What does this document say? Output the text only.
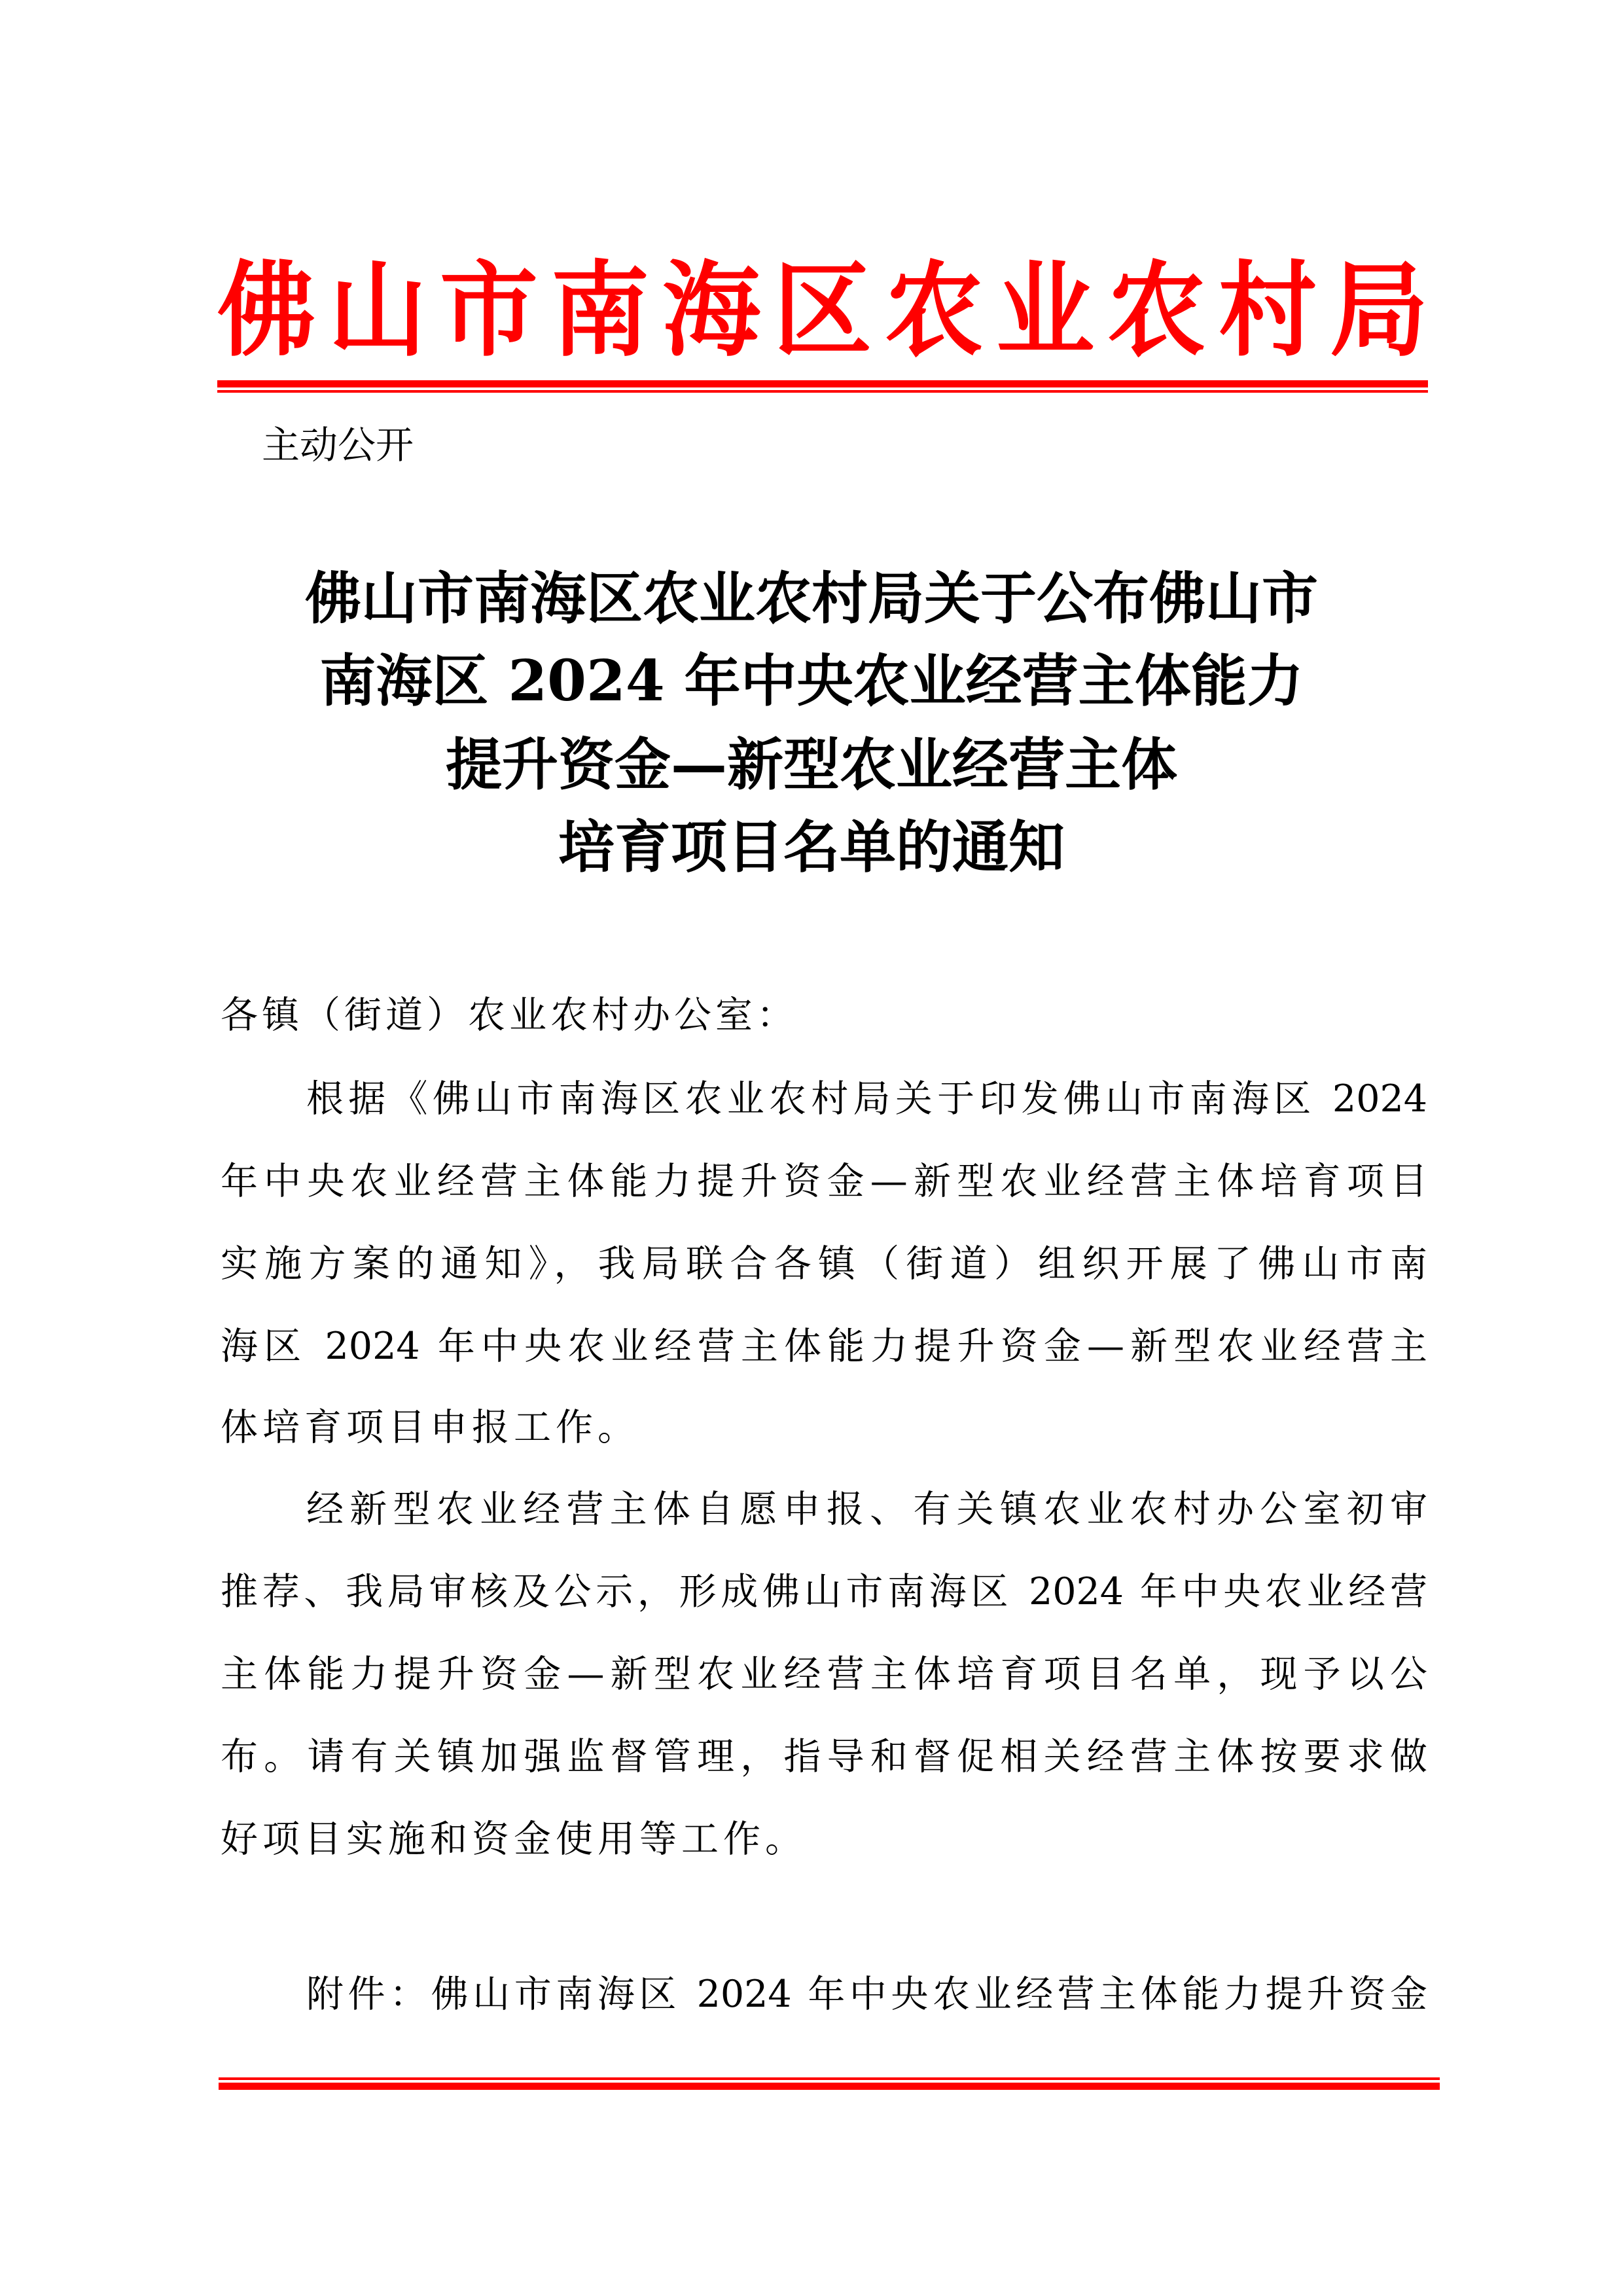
佛山市南海区农业农村局
主动公开
佛山市南海区农业农村局关于公布佛山市
南海区 2024 年中央农业经营主体能力
提升资金—新型农业经营主体
培育项目名单的通知
各镇（街道）农业农村办公室：
根据《佛山市南海区农业农村局关于印发佛山市南海区 2024
年中央农业经营主体能力提升资金—新型农业经营主体培育项目
实施方案的通知》，我局联合各镇（街道）组织开展了佛山市南
海区 2024 年中央农业经营主体能力提升资金—新型农业经营主
体培育项目申报工作。
经新型农业经营主体自愿申报、有关镇农业农村办公室初审
推荐、我局审核及公示，形成佛山市南海区 2024 年中央农业经营
主体能力提升资金—新型农业经营主体培育项目名单，现予以公
布。请有关镇加强监督管理，指导和督促相关经营主体按要求做
好项目实施和资金使用等工作。
附件：佛山市南海区 2024 年中央农业经营主体能力提升资金
